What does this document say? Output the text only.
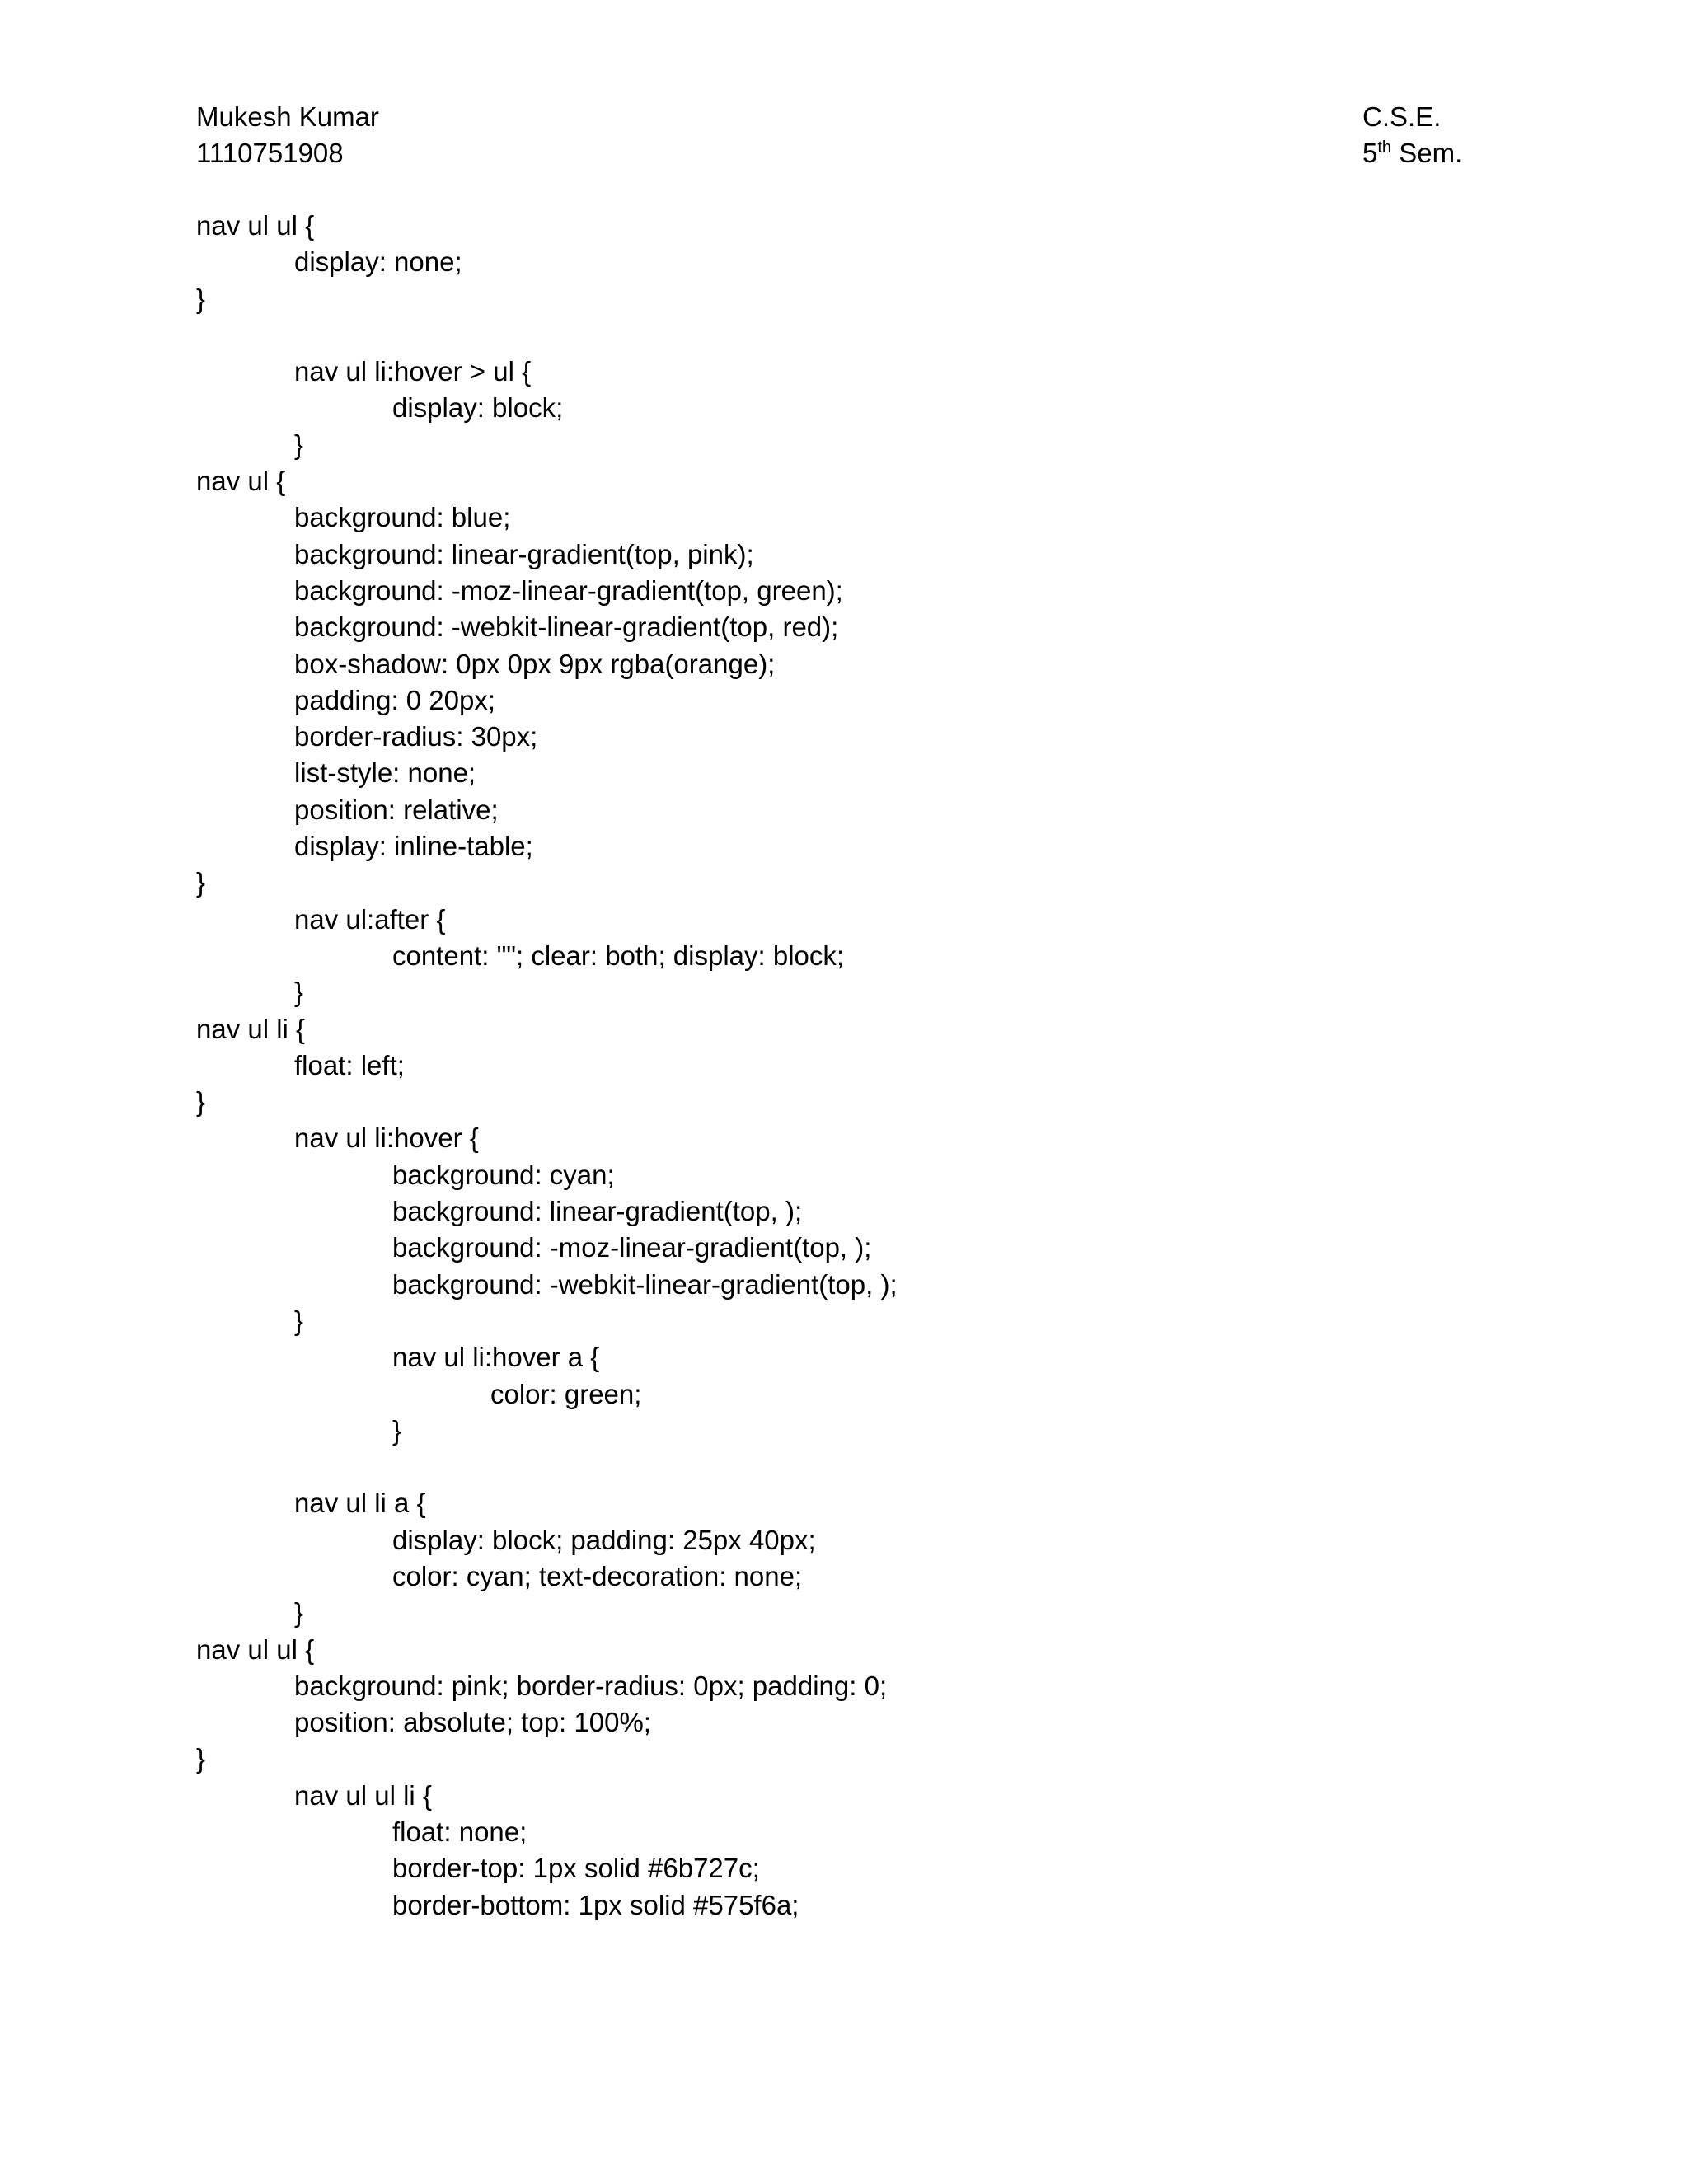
Mukesh Kumar
1110751908
C.S.E.
5th Sem.
nav ul ul {
display: none;
}
nav ul li:hover > ul {
display: block;
}
nav ul {
background: blue;
background: linear-gradient(top, pink);
background: -moz-linear-gradient(top, green);
background: -webkit-linear-gradient(top, red);
box-shadow: 0px 0px 9px rgba(orange);
padding: 0 20px;
border-radius: 30px;
list-style: none;
position: relative;
display: inline-table;
}
nav ul:after {
content: ""; clear: both; display: block;
}
nav ul li {
float: left;
}
nav ul li:hover {
background: cyan;
background: linear-gradient(top, );
background: -moz-linear-gradient(top, );
background: -webkit-linear-gradient(top, );
}
nav ul li:hover a {
color: green;
}
nav ul li a {
display: block; padding: 25px 40px;
color: cyan; text-decoration: none;
}
nav ul ul {
background: pink; border-radius: 0px; padding: 0;
position: absolute; top: 100%;
}
nav ul ul li {
float: none;
border-top: 1px solid #6b727c;
border-bottom: 1px solid #575f6a;
